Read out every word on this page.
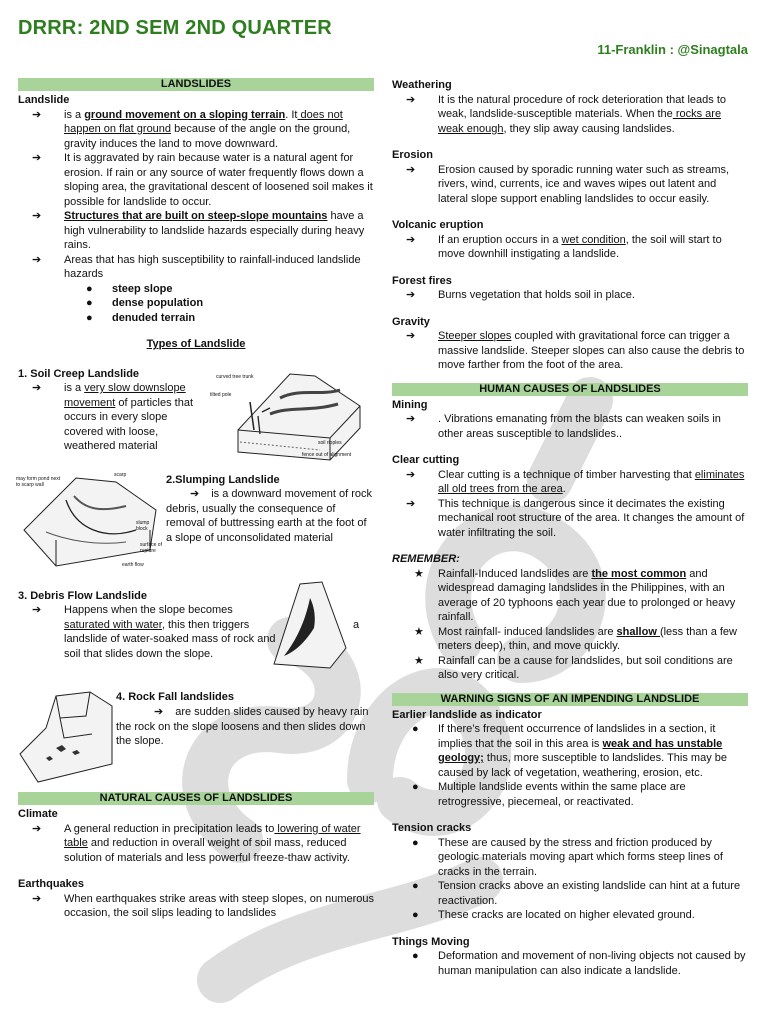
DRRR: 2ND SEM 2ND QUARTER
11-Franklin : @Sinagtala
LANDSLIDES
Landslide
➔	is a ground movement on a sloping terrain. It does not happen on flat ground because of the angle on the ground, gravity induces the land to move downward.
➔	It is aggravated by rain because water is a natural agent for erosion. If rain or any source of water frequently flows down a sloping area, the gravitational descent of loosened soil makes it possible for landslide to occur.
➔	Structures that are built on steep-slope mountains have a high vulnerability to landslide hazards especially during heavy rains.
➔	Areas that has high susceptibility to rainfall-induced landslide hazards
●	steep slope
●	dense population
●	denuded terrain
Types of Landslide
1. Soil Creep Landslide
➔	is a very slow downslope movement of particles that occurs in every slope covered with loose, weathered material
curved tree trunk
tilted pole
soil ripples
fence out of alignment
may form pond next to scarp wall
scarp
slump block
surface of rupture
earth flow
2.Slumping Landslide
➔ is a downward movement of rock debris, usually the consequence of removal of buttressing earth at the foot of a slope of unconsolidated material
3. Debris Flow Landslide
➔	Happens when the slope becomes saturated with water, this then triggers landslide of water-soaked mass of rock and soil that slides down the slope.
a
4. Rock Fall landslides
➔ are sudden slides caused by heavy rain the rock on the slope loosens and then slides down the slope.
NATURAL CAUSES OF LANDSLIDES
Climate
➔	A general reduction in precipitation leads to lowering of water table and reduction in overall weight of soil mass, reduced solution of materials and less powerful freeze-thaw activity.
Earthquakes
➔	When earthquakes strike areas with steep slopes, on numerous occasion, the soil slips leading to landslides
Weathering
➔	It is the natural procedure of rock deterioration that leads to weak, landslide-susceptible materials. When the rocks are weak enough, they slip away causing landslides.
Erosion
➔	Erosion caused by sporadic running water such as streams, rivers, wind, currents, ice and waves wipes out latent and lateral slope support enabling landslides to occur easily.
Volcanic eruption
➔	If an eruption occurs in a wet condition, the soil will start to move downhill instigating a landslide.
Forest fires
➔	Burns vegetation that holds soil in place.
Gravity
➔	Steeper slopes coupled with gravitational force can trigger a massive landslide. Steeper slopes can also cause the debris to move farther from the foot of the area.
HUMAN CAUSES OF LANDSLIDES
Mining
➔	. Vibrations emanating from the blasts can weaken soils in other areas susceptible to landslides..
Clear cutting
➔	Clear cutting is a technique of timber harvesting that eliminates all old trees from the area.
➔	This technique is dangerous since it decimates the existing mechanical root structure of the area. It changes the amount of water infiltrating the soil.
REMEMBER:
★	Rainfall-Induced landslides are the most common and widespread damaging landslides in the Philippines, with an average of 20 typhoons each year due to prolonged or heavy rainfall.
★	Most rainfall- induced landslides are shallow (less than a few meters deep), thin, and move quickly.
★	Rainfall can be a cause for landslides, but soil conditions are also very critical.
WARNING SIGNS OF AN IMPENDING LANDSLIDE
Earlier landslide as indicator
●	If there’s frequent occurrence of landslides in a section, it implies that the soil in this area is weak and has unstable geology; thus, more susceptible to landslides. This may be caused by lack of vegetation, weathering, erosion, etc.
●	Multiple landslide events within the same place are retrogressive, piecemeal, or reactivated.
Tension cracks
●	These are caused by the stress and friction produced by geologic materials moving apart which forms steep lines of cracks in the terrain.
●	Tension cracks above an existing landslide can hint at a future reactivation.
●	These cracks are located on higher elevated ground.
Things Moving
●	Deformation and movement of non-living objects not caused by human manipulation can also indicate a landslide.
